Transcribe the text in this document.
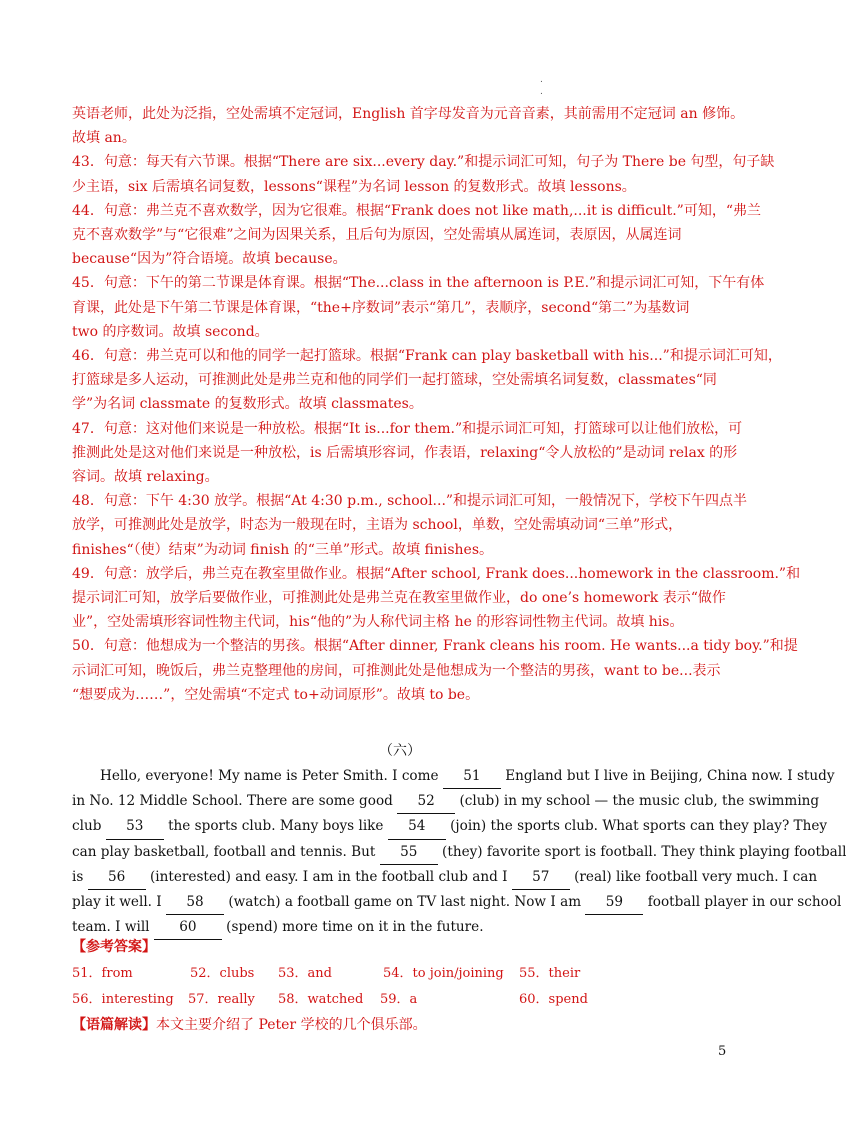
.
.
英语老师，此处为泛指，空处需填不定冠词，English 首字母发音为元音音素，其前需用不定冠词 an 修饰。
故填 an。
43．句意：每天有六节课。根据“There are six...every day.”和提示词汇可知，句子为 There be 句型，句子缺
少主语，six 后需填名词复数，lessons“课程”为名词 lesson 的复数形式。故填 lessons。
44．句意：弗兰克不喜欢数学，因为它很难。根据“Frank does not like math,...it is difficult.”可知，“弗兰
克不喜欢数学”与“它很难”之间为因果关系，且后句为原因，空处需填从属连词，表原因，从属连词
because“因为”符合语境。故填 because。
45．句意：下午的第二节课是体育课。根据“The...class in the afternoon is P.E.”和提示词汇可知，下午有体
育课，此处是下午第二节课是体育课，“the+序数词”表示“第几”，表顺序，second“第二”为基数词
two 的序数词。故填 second。
46．句意：弗兰克可以和他的同学一起打篮球。根据“Frank can play basketball with his...”和提示词汇可知，
打篮球是多人运动，可推测此处是弗兰克和他的同学们一起打篮球，空处需填名词复数，classmates“同
学”为名词 classmate 的复数形式。故填 classmates。
47．句意：这对他们来说是一种放松。根据“It is...for them.”和提示词汇可知，打篮球可以让他们放松，可
推测此处是这对他们来说是一种放松，is 后需填形容词，作表语，relaxing“令人放松的”是动词 relax 的形
容词。故填 relaxing。
48．句意：下午 4:30 放学。根据“At 4:30 p.m., school...”和提示词汇可知，一般情况下，学校下午四点半
放学，可推测此处是放学，时态为一般现在时，主语为 school，单数，空处需填动词“三单”形式，
finishes“（使）结束”为动词 finish 的“三单”形式。故填 finishes。
49．句意：放学后，弗兰克在教室里做作业。根据“After school, Frank does...homework in the classroom.”和
提示词汇可知，放学后要做作业，可推测此处是弗兰克在教室里做作业，do one’s homework 表示“做作
业”，空处需填形容词性物主代词，his“他的”为人称代词主格 he 的形容词性物主代词。故填 his。
50．句意：他想成为一个整洁的男孩。根据“After dinner, Frank cleans his room. He wants...a tidy boy.”和提
示词汇可知，晚饭后，弗兰克整理他的房间，可推测此处是他想成为一个整洁的男孩，want to be...表示
“想要成为……”，空处需填“不定式 to+动词原形”。故填 to be。
（六）
Hello, everyone! My name is Peter Smith. I come 51 England but I live in Beijing, China now. I study
in No. 12 Middle School. There are some good 52 (club) in my school — the music club, the swimming
club 53 the sports club. Many boys like 54 (join) the sports club. What sports can they play? They
can play basketball, football and tennis. But 55 (they) favorite sport is football. They think playing football
is 56 (interested) and easy. I am in the football club and I 57 (real) like football very much. I can
play it well. I 58 (watch) a football game on TV last night. Now I am 59 football player in our school
team. I will 60 (spend) more time on it in the future.
【参考答案】
51．from	52．clubs 53．and	54．to join/joining 55．their
56．interesting 57．really 58．watched 59．a	60．spend
【语篇解读】本文主要介绍了 Peter 学校的几个俱乐部。
5
